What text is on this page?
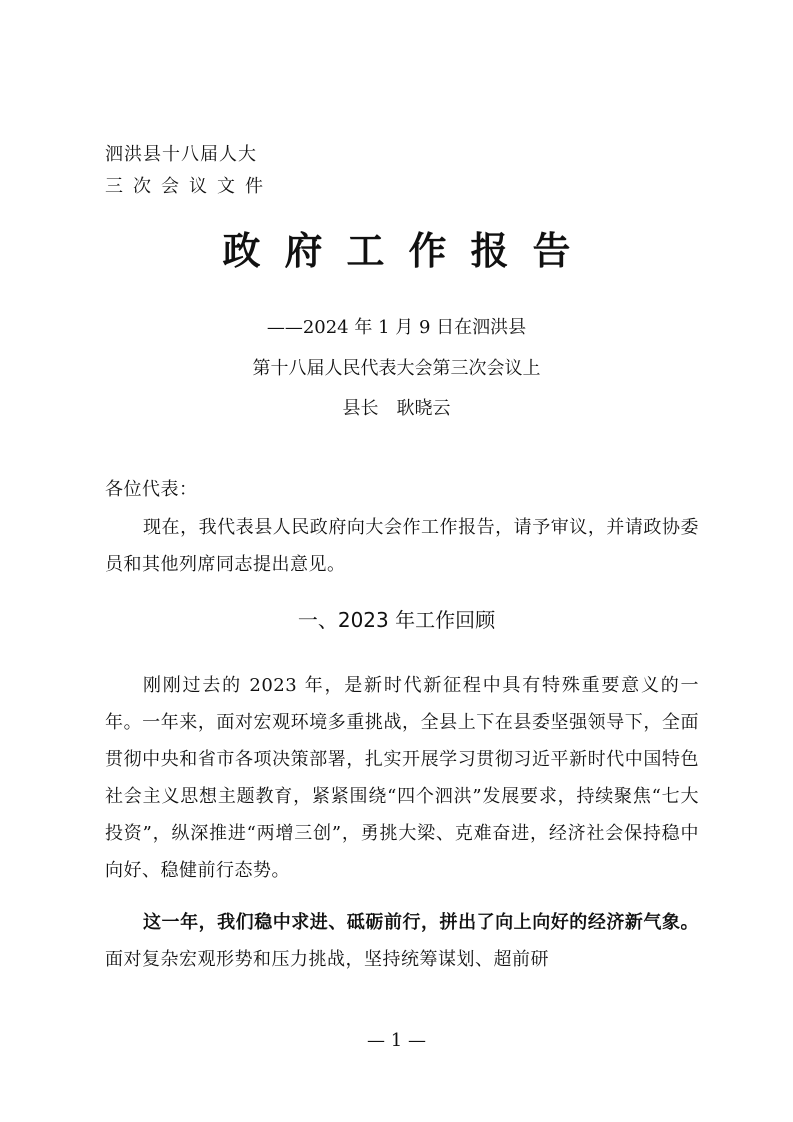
泗洪县十八届人大
三次会议文件
政府工作报告
——2024 年 1 月 9 日在泗洪县
第十八届人民代表大会第三次会议上
县长 耿晓云
各位代表：
现在，我代表县人民政府向大会作工作报告，请予审议，并请政协委员和其他列席同志提出意见。
一、2023 年工作回顾
刚刚过去的 2023 年，是新时代新征程中具有特殊重要意义的一年。一年来，面对宏观环境多重挑战，全县上下在县委坚强领导下，全面贯彻中央和省市各项决策部署，扎实开展学习贯彻习近平新时代中国特色社会主义思想主题教育，紧紧围绕“四个泗洪”发展要求，持续聚焦“七大投资”，纵深推进“两增三创”，勇挑大梁、克难奋进，经济社会保持稳中向好、稳健前行态势。
这一年，我们稳中求进、砥砺前行，拼出了向上向好的经济新气象。面对复杂宏观形势和压力挑战，坚持统筹谋划、超前研
— 1 —
